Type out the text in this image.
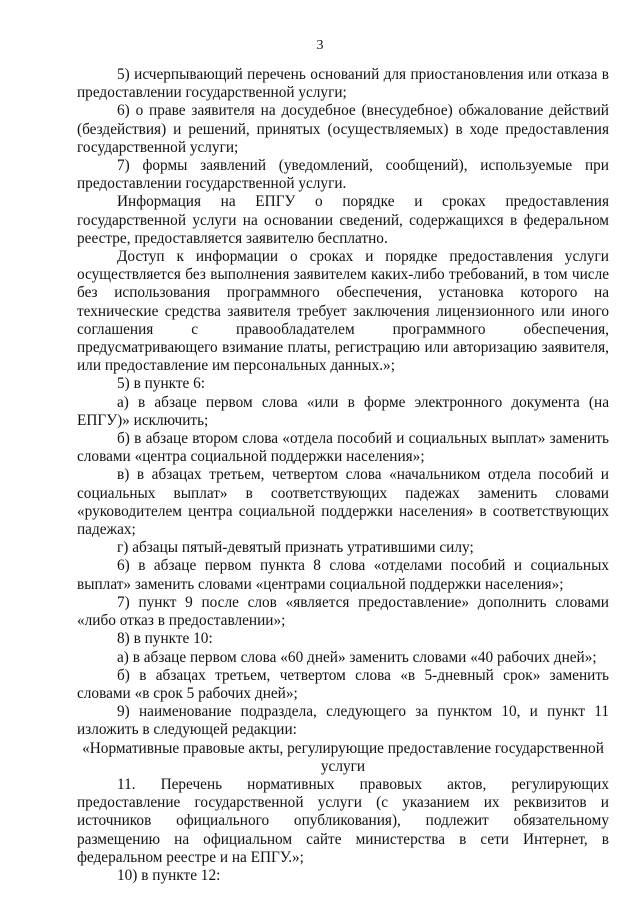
3

5) исчерпывающий перечень оснований для приостановления или отказа в предоставлении государственной услуги;

6) о праве заявителя на досудебное (внесудебное) обжалование действий (бездействия) и решений, принятых (осуществляемых) в ходе предоставления государственной услуги;

7) формы заявлений (уведомлений, сообщений), используемые при предоставлении государственной услуги.

Информация на ЕПГУ о порядке и сроках предоставления государственной услуги на основании сведений, содержащихся в федеральном реестре, предоставляется заявителю бесплатно.

Доступ к информации о сроках и порядке предоставления услуги осуществляется без выполнения заявителем каких-либо требований, в том числе без использования программного обеспечения, установка которого на технические средства заявителя требует заключения лицензионного или иного соглашения с правообладателем программного обеспечения, предусматривающего взимание платы, регистрацию или авторизацию заявителя, или предоставление им персональных данных.»;

5) в пункте 6:

а) в абзаце первом слова «или в форме электронного документа (на ЕПГУ)» исключить;

б) в абзаце втором слова «отдела пособий и социальных выплат» заменить словами «центра социальной поддержки населения»;

в) в абзацах третьем, четвертом слова «начальником отдела пособий и социальных выплат» в соответствующих падежах заменить словами «руководителем центра социальной поддержки населения» в соответствующих падежах;

г) абзацы пятый-девятый признать утратившими силу;

6) в абзаце первом пункта 8 слова «отделами пособий и социальных выплат» заменить словами «центрами социальной поддержки населения»;

7) пункт 9 после слов «является предоставление» дополнить словами «либо отказ в предоставлении»;

8) в пункте 10:

а) в абзаце первом слова «60 дней» заменить словами «40 рабочих дней»;

б) в абзацах третьем, четвертом слова «в 5-дневный срок» заменить словами «в срок 5 рабочих дней»;

9) наименование подраздела, следующего за пунктом 10, и пункт 11 изложить в следующей редакции:

«Нормативные правовые акты, регулирующие предоставление государственной услуги

11. Перечень нормативных правовых актов, регулирующих предоставление государственной услуги (с указанием их реквизитов и источников официального опубликования), подлежит обязательному размещению на официальном сайте министерства в сети Интернет, в федеральном реестре и на ЕПГУ.»;

10) в пункте 12:
